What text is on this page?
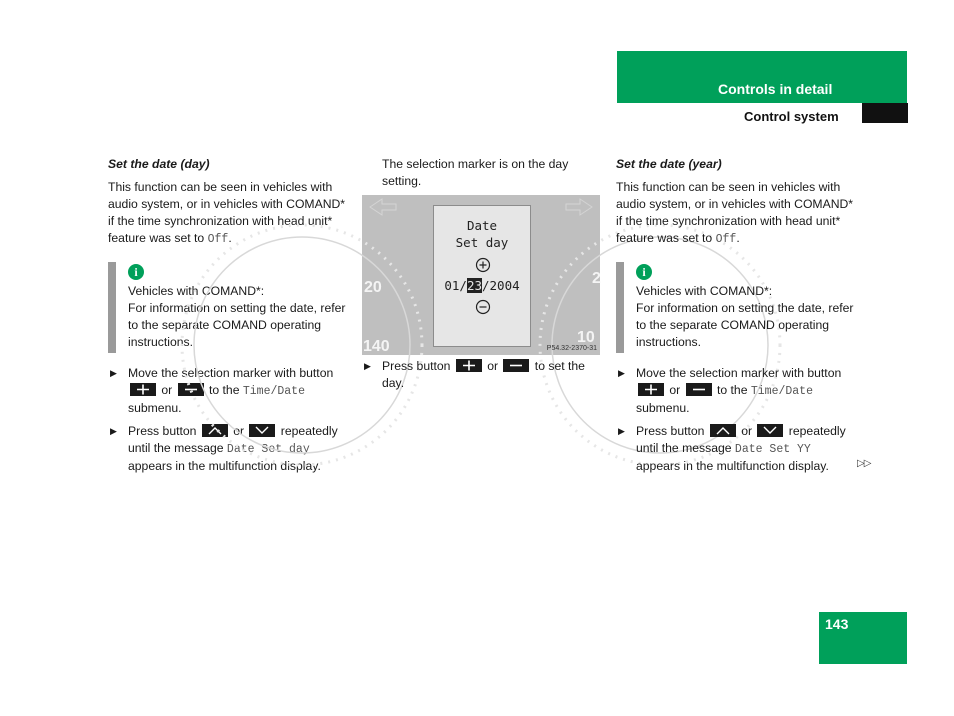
Controls in detail
Control system
Set the date (day)

This function can be seen in vehicles with audio system, or in vehicles with COMAND* if the time synchronization with head unit* feature was set to Off.

i

Vehicles with COMAND*:

For information on setting the date, refer to the separate COMAND operating instructions.

▶ Move the selection marker with button
or
to the Time/Date submenu.
▶ Press button
or
repeatedly until the message Date Set day appears in the multifunction display.

The selection marker is on the day setting.

20
140
2
10
Date
Set day
01/23/2004
P54.32-2370-31
▶ Press button
or
to set the day.
Set the date (year)

This function can be seen in vehicles with audio system, or in vehicles with COMAND* if the time synchronization with head unit* feature was set to Off.

i

Vehicles with COMAND*:

For information on setting the date, refer to the separate COMAND operating instructions.

▶ Move the selection marker with button
or
to the Time/Date submenu.
▶ Press button
or
repeatedly until the message Date Set YY appears in the multifunction display.	▷▷
143
